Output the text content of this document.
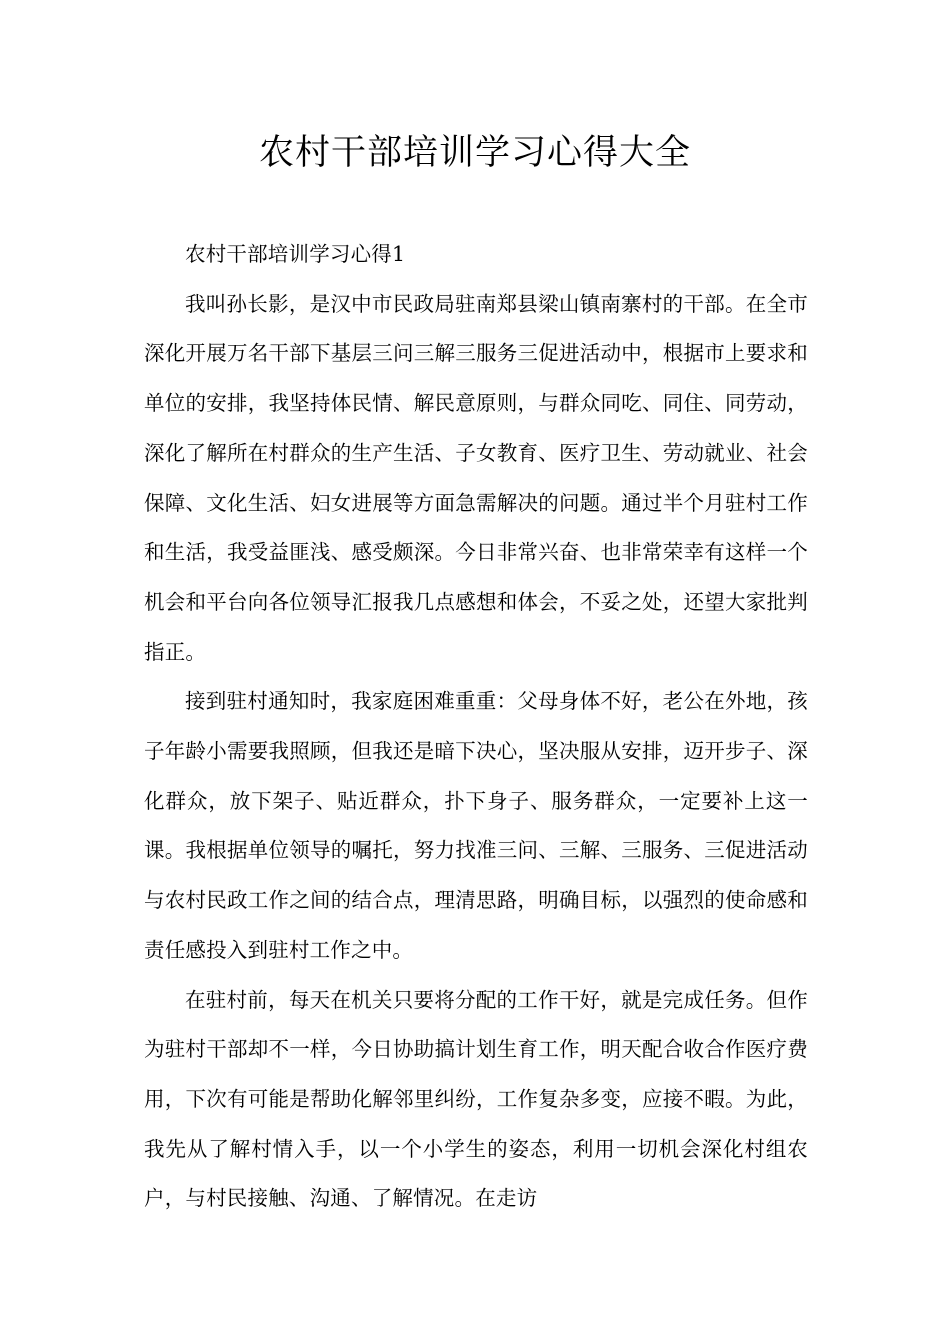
农村干部培训学习心得大全

农村干部培训学习心得1

我叫孙长影，是汉中市民政局驻南郑县梁山镇南寨村的干部。在全市深化开展万名干部下基层三问三解三服务三促进活动中，根据市上要求和单位的安排，我坚持体民情、解民意原则，与群众同吃、同住、同劳动，深化了解所在村群众的生产生活、子女教育、医疗卫生、劳动就业、社会保障、文化生活、妇女进展等方面急需解决的问题。通过半个月驻村工作和生活，我受益匪浅、感受颇深。今日非常兴奋、也非常荣幸有这样一个机会和平台向各位领导汇报我几点感想和体会，不妥之处，还望大家批判指正。

接到驻村通知时，我家庭困难重重：父母身体不好，老公在外地，孩子年龄小需要我照顾，但我还是暗下决心，坚决服从安排，迈开步子、深化群众，放下架子、贴近群众，扑下身子、服务群众，一定要补上这一课。我根据单位领导的嘱托，努力找准三问、三解、三服务、三促进活动与农村民政工作之间的结合点，理清思路，明确目标，以强烈的使命感和责任感投入到驻村工作之中。

在驻村前，每天在机关只要将分配的工作干好，就是完成任务。但作为驻村干部却不一样，今日协助搞计划生育工作，明天配合收合作医疗费用，下次有可能是帮助化解邻里纠纷，工作复杂多变，应接不暇。为此，我先从了解村情入手，以一个小学生的姿态，利用一切机会深化村组农户，与村民接触、沟通、了解情况。在走访
